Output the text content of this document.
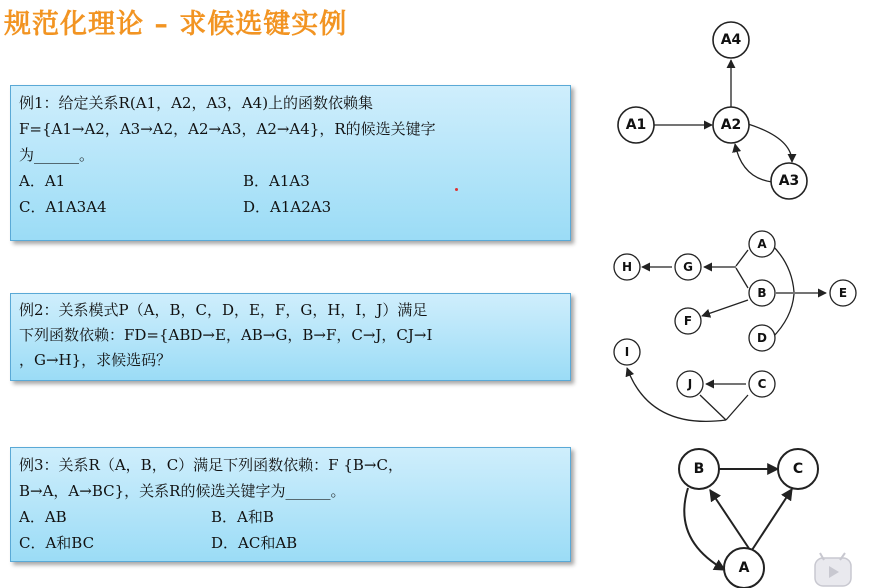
规范化理论 – 求候选键实例
例1：给定关系R(A1，A2，A3，A4)上的函数依赖集
F={A1→A2，A3→A2，A2→A3，A2→A4}，R的候选关键字
为______。
A．A1	B．A1A3
C．A1A3A4	D．A1A2A3
例2：关系模式P（A，B，C，D，E，F，G，H，I，J）满足
下列函数依赖：FD={ABD→E，AB→G，B→F，C→J，CJ→I
，G→H}，求候选码？
例3：关系R（A，B，C）满足下列函数依赖：F {B→C，
B→A，A→BC}，关系R的候选关键字为______。
A．AB	B．A和B
C．A和BC	D．AC和AB
A4
A1	A2
A3
A
H	G
B	E
F
D
I
J	C
B	C
A
